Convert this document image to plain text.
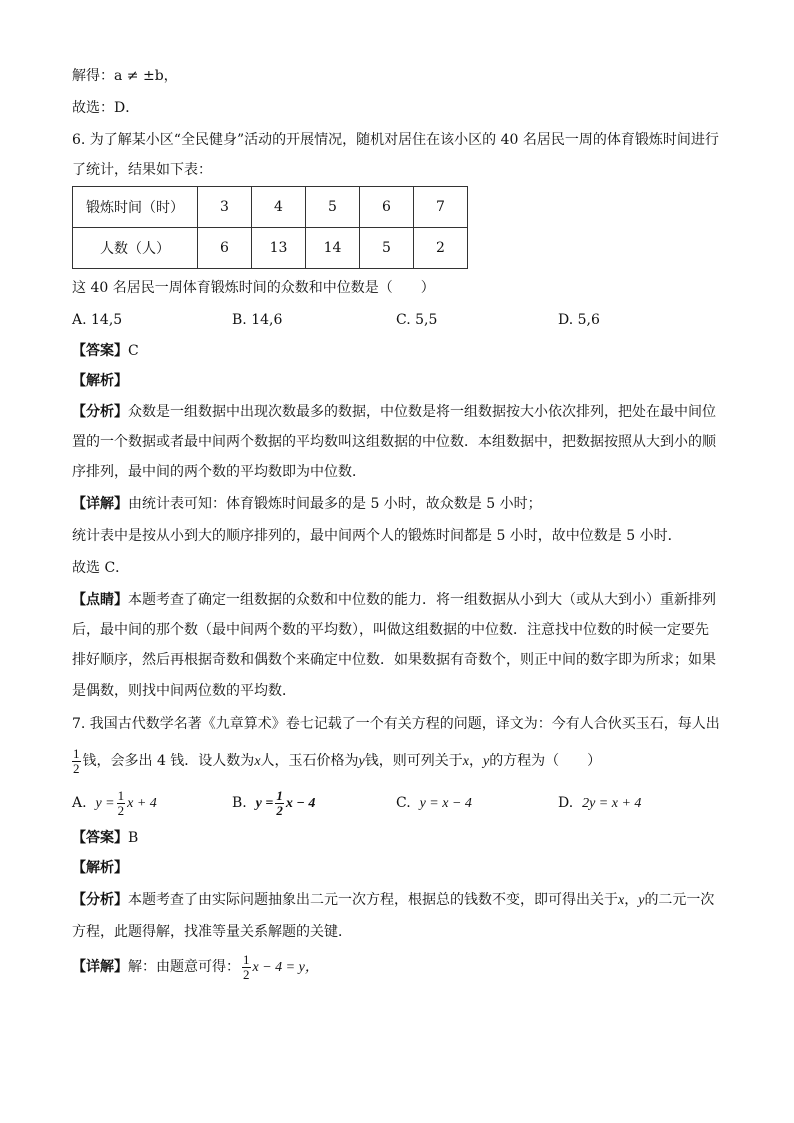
解得：a ≠ ±b，
故选：D．
6. 为了解某小区“全民健身”活动的开展情况，随机对居住在该小区的 40 名居民一周的体育锻炼时间进行
了统计，结果如下表：
锻炼时间（时）	3	4	5	6	7
人数（人）	6	13	14	5	2
这 40 名居民一周体育锻炼时间的众数和中位数是（　　）
A. 14,5	B. 14,6	C. 5,5	D. 5,6
【答案】C
【解析】
【分析】众数是一组数据中出现次数最多的数据，中位数是将一组数据按大小依次排列，把处在最中间位
置的一个数据或者最中间两个数据的平均数叫这组数据的中位数．本组数据中，把数据按照从大到小的顺
序排列，最中间的两个数的平均数即为中位数．
【详解】由统计表可知：体育锻炼时间最多的是 5 小时，故众数是 5 小时；
统计表中是按从小到大的顺序排列的，最中间两个人的锻炼时间都是 5 小时，故中位数是 5 小时．
故选 C．
【点睛】本题考查了确定一组数据的众数和中位数的能力．将一组数据从小到大（或从大到小）重新排列
后，最中间的那个数（最中间两个数的平均数），叫做这组数据的中位数．注意找中位数的时候一定要先
排好顺序，然后再根据奇数和偶数个来确定中位数．如果数据有奇数个，则正中间的数字即为所求；如果
是偶数，则找中间两位数的平均数．
7. 我国古代数学名著《九章算术》卷七记载了一个有关方程的问题，译文为：今有人合伙买玉石，每人出
$\frac{1}{2}$ 钱，会多出 4 钱．设人数为x人，玉石价格为y钱，则可列关于x，y的方程为（　　）
A. $y = \frac{1}{2}$ x + 4	B. $y = \frac{1}{2}$ x − 4	C. y = x − 4	D. 2y = x + 4
【答案】B
【解析】
【分析】本题考查了由实际问题抽象出二元一次方程，根据总的钱数不变，即可得出关于x，y的二元一次
方程，此题得解，找准等量关系解题的关键．
【详解】解：由题意可得： $\frac{1}{2}$ x − 4 = y，
